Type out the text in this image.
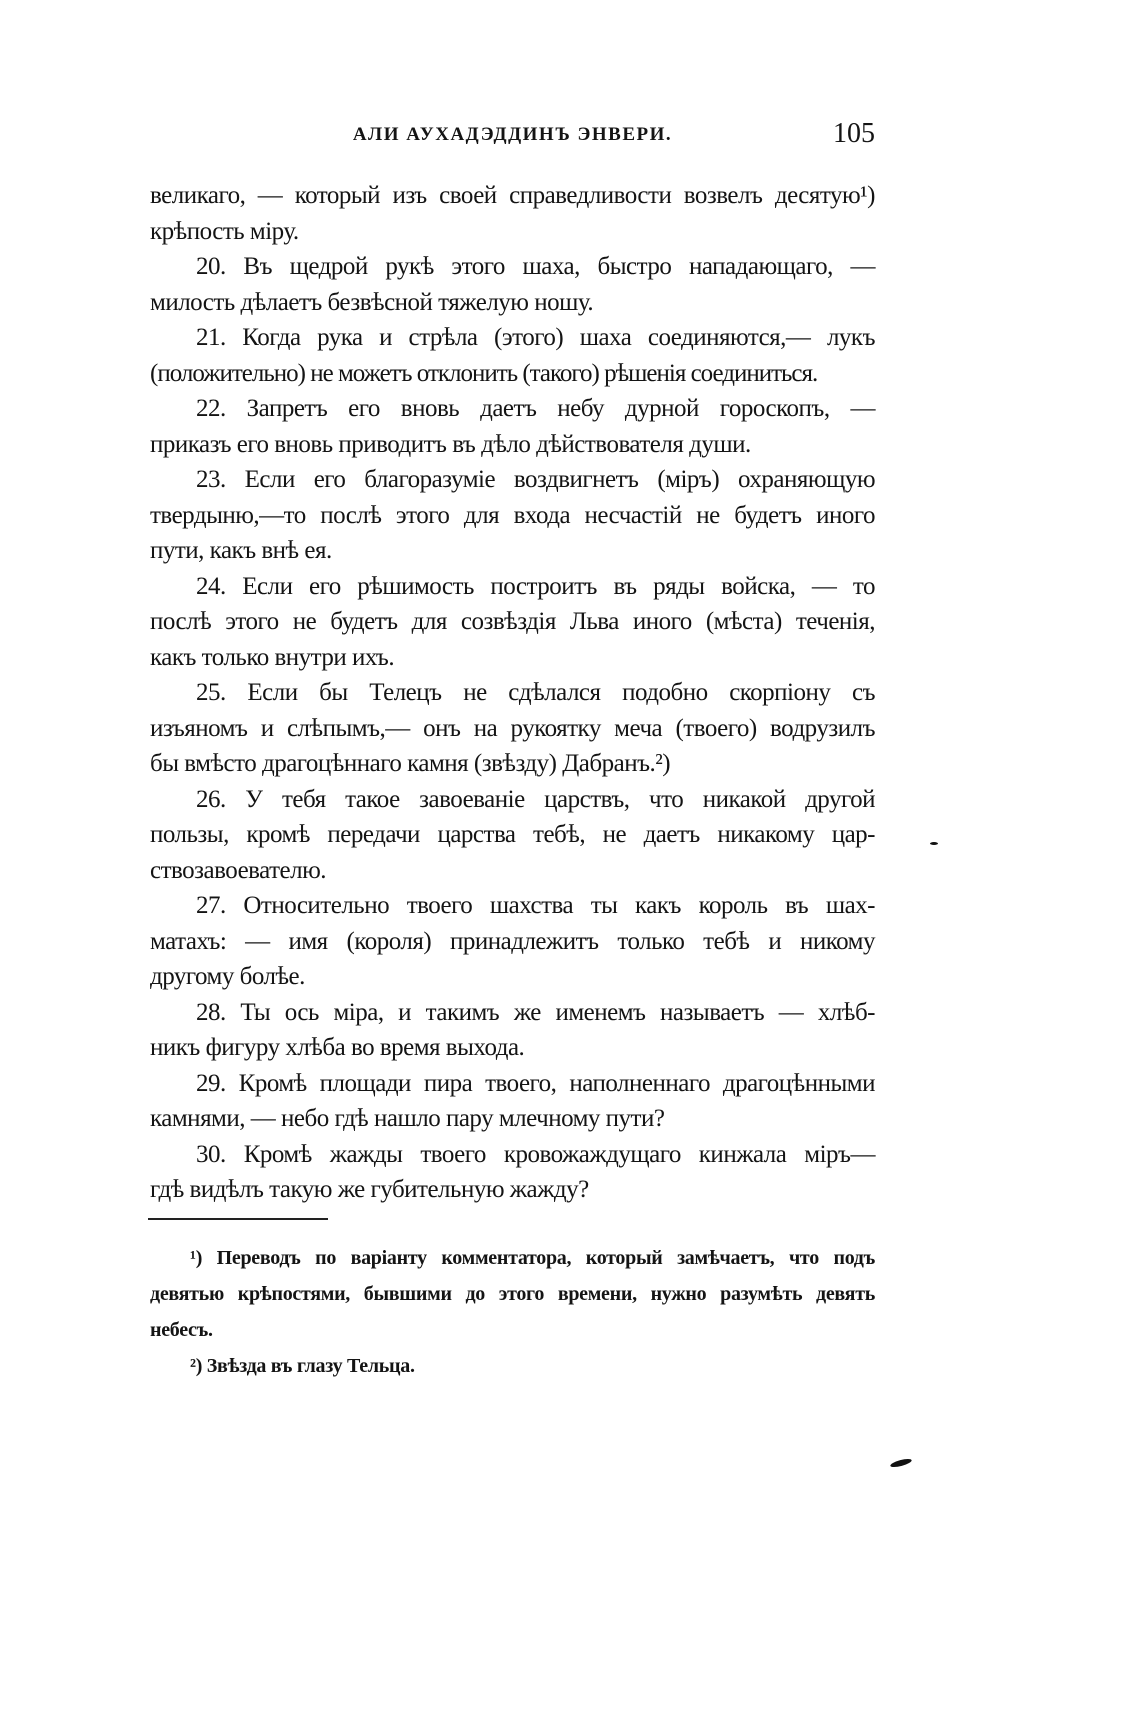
АЛИ АУХАДЭДДИНЪ ЭНВЕРИ.	105
великаго, — который изъ своей справедливости возвелъ десятую¹)
крѣпость міру.
20. Въ щедрой рукѣ этого шаха, быстро нападающаго, —
милость дѣлаетъ безвѣсной тяжелую ношу.
21. Когда рука и стрѣла (этого) шаха соединяются,— лукъ
(положительно) не можетъ отклонить (такого) рѣшенія соединиться.
22. Запретъ его вновь даетъ небу дурной гороскопъ, —
приказъ его вновь приводитъ въ дѣло дѣйствователя души.
23. Если его благоразуміе воздвигнетъ (міръ) охраняющую
твердыню,—то послѣ этого для входа несчастій не будетъ иного
пути, какъ внѣ ея.
24. Если его рѣшимость построитъ въ ряды войска, — то
послѣ этого не будетъ для созвѣздія Льва иного (мѣста) теченія,
какъ только внутри ихъ.
25. Если бы Телецъ не сдѣлался подобно скорпіону съ
изъяномъ и слѣпымъ,— онъ на рукоятку меча (твоего) водрузилъ
бы вмѣсто драгоцѣннаго камня (звѣзду) Дабранъ.²)
26. У тебя такое завоеваніе царствъ, что никакой другой
пользы, кромѣ передачи царства тебѣ, не даетъ никакому цар-
ствозавоевателю.
27. Относительно твоего шахства ты какъ король въ шах-
матахъ: — имя (короля) принадлежитъ только тебѣ и никому
другому болѣе.
28. Ты ось міра, и такимъ же именемъ называетъ — хлѣб-
никъ фигуру хлѣба во время выхода.
29. Кромѣ площади пира твоего, наполненнаго драгоцѣнными
камнями, — небо гдѣ нашло пару млечному пути?
30. Кромѣ жажды твоего кровожаждущаго кинжала міръ—
гдѣ видѣлъ такую же губительную жажду?
¹) Переводъ по варіанту комментатора, который замѣчаетъ, что подъ
девятью крѣпостями, бывшими до этого времени, нужно разумѣть девять
небесъ.
²) Звѣзда въ глазу Тельца.
